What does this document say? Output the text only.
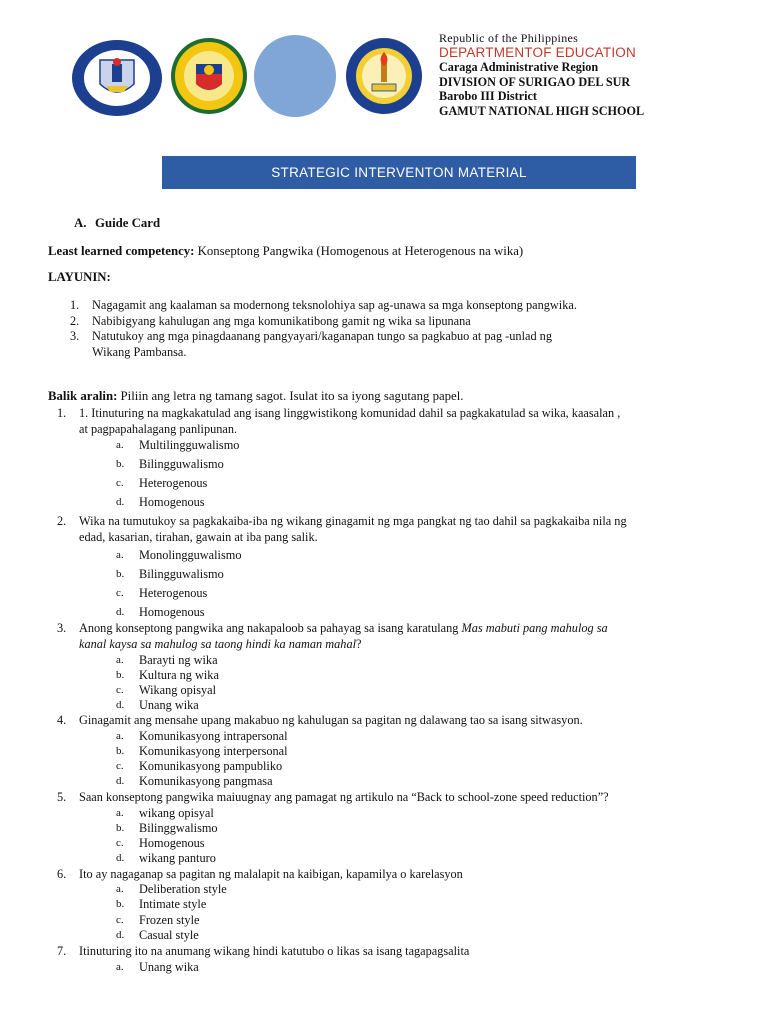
Republic of the Philippines
DEPARTMENTOF EDUCATION
Caraga Administrative Region
DIVISION OF SURIGAO DEL SUR
Barobo III District
GAMUT NATIONAL HIGH SCHOOL
STRATEGIC INTERVENTON MATERIAL
A. Guide Card
Least learned competency: Konseptong Pangwika (Homogenous at Heterogenous na wika)
LAYUNIN:
1. Nagagamit ang kaalaman sa modernong teksnolohiya sap ag-unawa sa mga konseptong pangwika.
2. Nabibigyang kahulugan ang mga komunikatibong gamit ng wika sa lipunana
3. Natutukoy ang mga pinagdaanang pangyayari/kaganapan tungo sa pagkabuo at pag -unlad ng
Wikang Pambansa.
Balik aralin: Piliin ang letra ng tamang sagot. Isulat ito sa iyong sagutang papel.
1. 1. Itinuturing na magkakatulad ang isang linggwistikong komunidad dahil sa pagkakatulad sa wika, kaasalan ,
at pagpapahalagang panlipunan.
a. Multilingguwalismo
b. Bilingguwalismo
c. Heterogenous
d. Homogenous
2. Wika na tumutukoy sa pagkakaiba-iba ng wikang ginagamit ng mga pangkat ng tao dahil sa pagkakaiba nila ng
edad, kasarian, tirahan, gawain at iba pang salik.
a. Monolingguwalismo
b. Bilingguwalismo
c. Heterogenous
d. Homogenous
3. Anong konseptong pangwika ang nakapaloob sa pahayag sa isang karatulang Mas mabuti pang mahulog sa
kanal kaysa sa mahulog sa taong hindi ka naman mahal?
a. Barayti ng wika
b. Kultura ng wika
c. Wikang opisyal
d. Unang wika
4. Ginagamit ang mensahe upang makabuo ng kahulugan sa pagitan ng dalawang tao sa isang sitwasyon.
a. Komunikasyong intrapersonal
b. Komunikasyong interpersonal
c. Komunikasyong pampubliko
d. Komunikasyong pangmasa
5. Saan konseptong pangwika maiuugnay ang pamagat ng artikulo na “Back to school-zone speed reduction”?
a. wikang opisyal
b. Bilinggwalismo
c. Homogenous
d. wikang panturo
6. Ito ay nagaganap sa pagitan ng malalapit na kaibigan, kapamilya o karelasyon
a. Deliberation style
b. Intimate style
c. Frozen style
d. Casual style
7. Itinuturing ito na anumang wikang hindi katutubo o likas sa isang tagapagsalita
a. Unang wika
